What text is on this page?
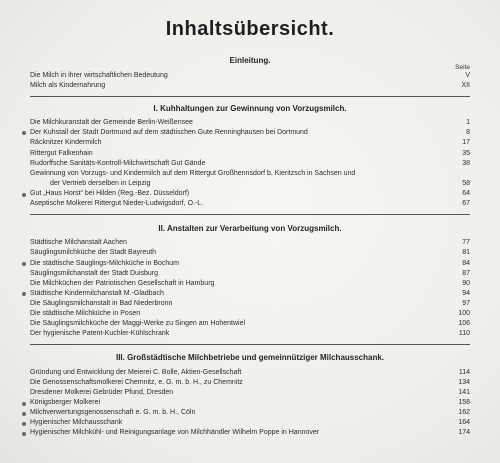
Inhaltsübersicht.
Einleitung.
Seite
Die Milch in ihrer wirtschaftlichen Bedeutung	V
Milch als Kindernahrung	XII
I. Kuhhaltungen zur Gewinnung von Vorzugsmilch.
Die Milchkuranstalt der Gemeinde Berlin-Weißensee	1
Der Kuhstall der Stadt Dortmund auf dem städtischen Gute Renninghausen bei Dortmund	8
Räcknitzer Kindermilch	17
Rittergut Falkenhain	35
Rudorffsche Sanitäts-Kontroll-Milchwirtschaft Gut Gände	38
Gewinnung von Vorzugs- und Kindermilch auf dem Rittergut Großhennsdorf b. Kieritzsch in Sachsen und
der Vertrieb derselben in Leipzig	58
Gut „Haus Horst“ bei Hilden (Reg.-Bez. Düsseldorf)	64
Aseptische Molkerei Rittergut Nieder-Ludwigsdorf, O.-L.	67
II. Anstalten zur Verarbeitung von Vorzugsmilch.
Städtische Milchanstalt Aachen	77
Säuglingsmilchküche der Stadt Bayreuth	81
Die städtische Säuglings-Milchküche in Bochum	84
Säuglingsmilchanstalt der Stadt Duisburg	87
Die Milchküchen der Patriotischen Gesellschaft in Hamburg	90
Städtische Kindermilchanstalt M.-Gladbach	94
Die Säuglingsmilchanstalt in Bad Niederbronn	97
Die städtische Milchküche in Posen	100
Die Säuglingsmilchküche der Maggi-Werke zu Singen am Hohentwiel	106
Der hygienische Patent-Kuchler-Kühlschrank	110
III. Großstädtische Milchbetriebe und gemeinnütziger Milchausschank.
Gründung und Entwicklung der Meierei C. Bolle, Aktien-Gesellschaft	114
Die Genossenschaftsmolkerei Chemnitz, e. G. m. b. H., zu Chemnitz	134
Dresdener Molkerei Gebrüder Pfund, Dresden	141
Königsberger Molkerei	158
Milchverwertungsgenossenschaft e. G. m. b. H., Cöln	162
Hygienischer Milchausschank	164
Hygienischer Milchkühl- und Reinigungsanlage von Milchhändler Wilhelm Poppe in Hannover	174
